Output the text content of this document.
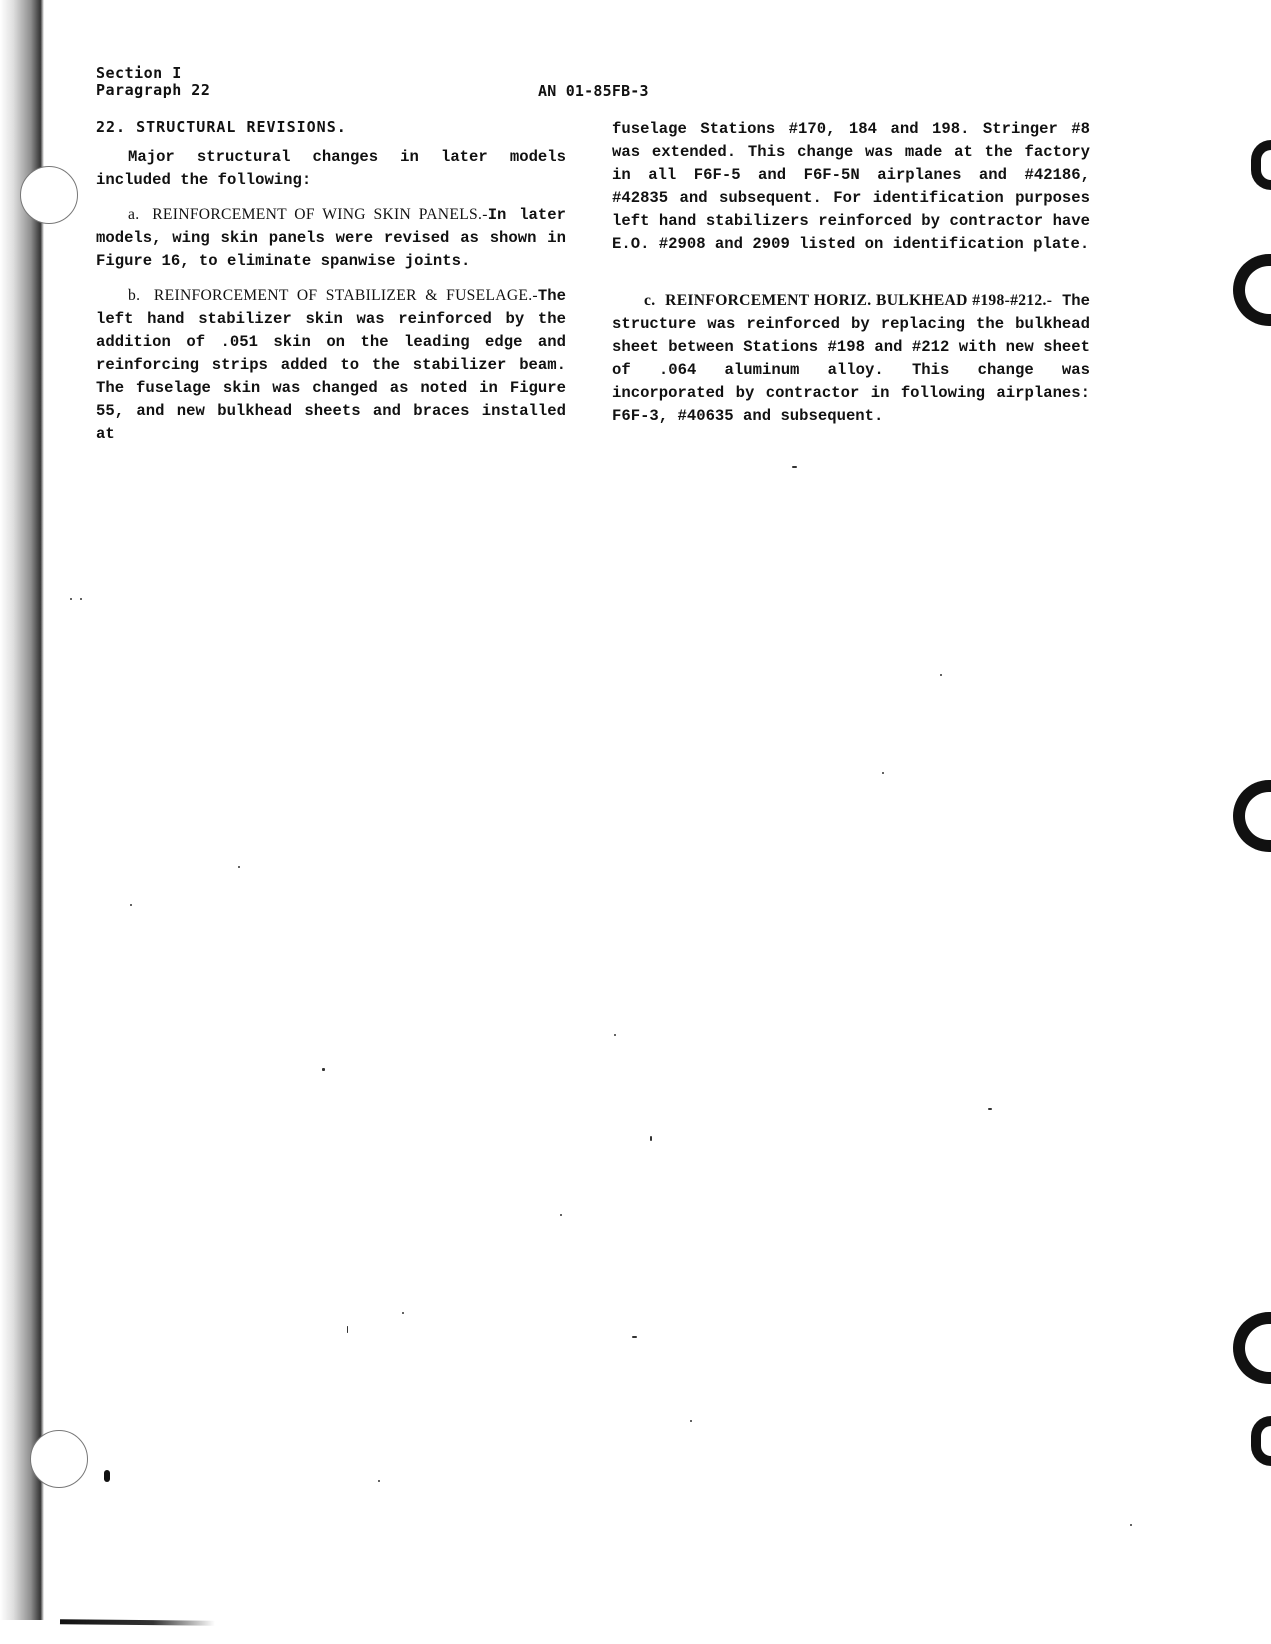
Section I
Paragraph 22	AN 01-85FB-3
22. STRUCTURAL REVISIONS.

Major structural changes in later models included the following:

a. REINFORCEMENT OF WING SKIN PANELS.-In later models, wing skin panels were revised as shown in Figure 16, to eliminate spanwise joints.

b. REINFORCEMENT OF STABILIZER & FUSELAGE.-The left hand stabilizer skin was reinforced by the addition of .051 skin on the leading edge and reinforcing strips added to the stabilizer beam. The fuselage skin was changed as noted in Figure 55, and new bulkhead sheets and braces installed at

fuselage Stations #170, 184 and 198. Stringer #8 was extended. This change was made at the factory in all F6F-5 and F6F-5N airplanes and #42186, #42835 and subsequent. For identification purposes left hand stabilizers reinforced by contractor have E.O. #2908 and 2909 listed on identification plate.

c. REINFORCEMENT HORIZ. BULKHEAD #198-#212.- The structure was reinforced by replacing the bulkhead sheet between Stations #198 and #212 with new sheet of .064 aluminum alloy. This change was incorporated by contractor in following airplanes: F6F-3, #40635 and subsequent.
